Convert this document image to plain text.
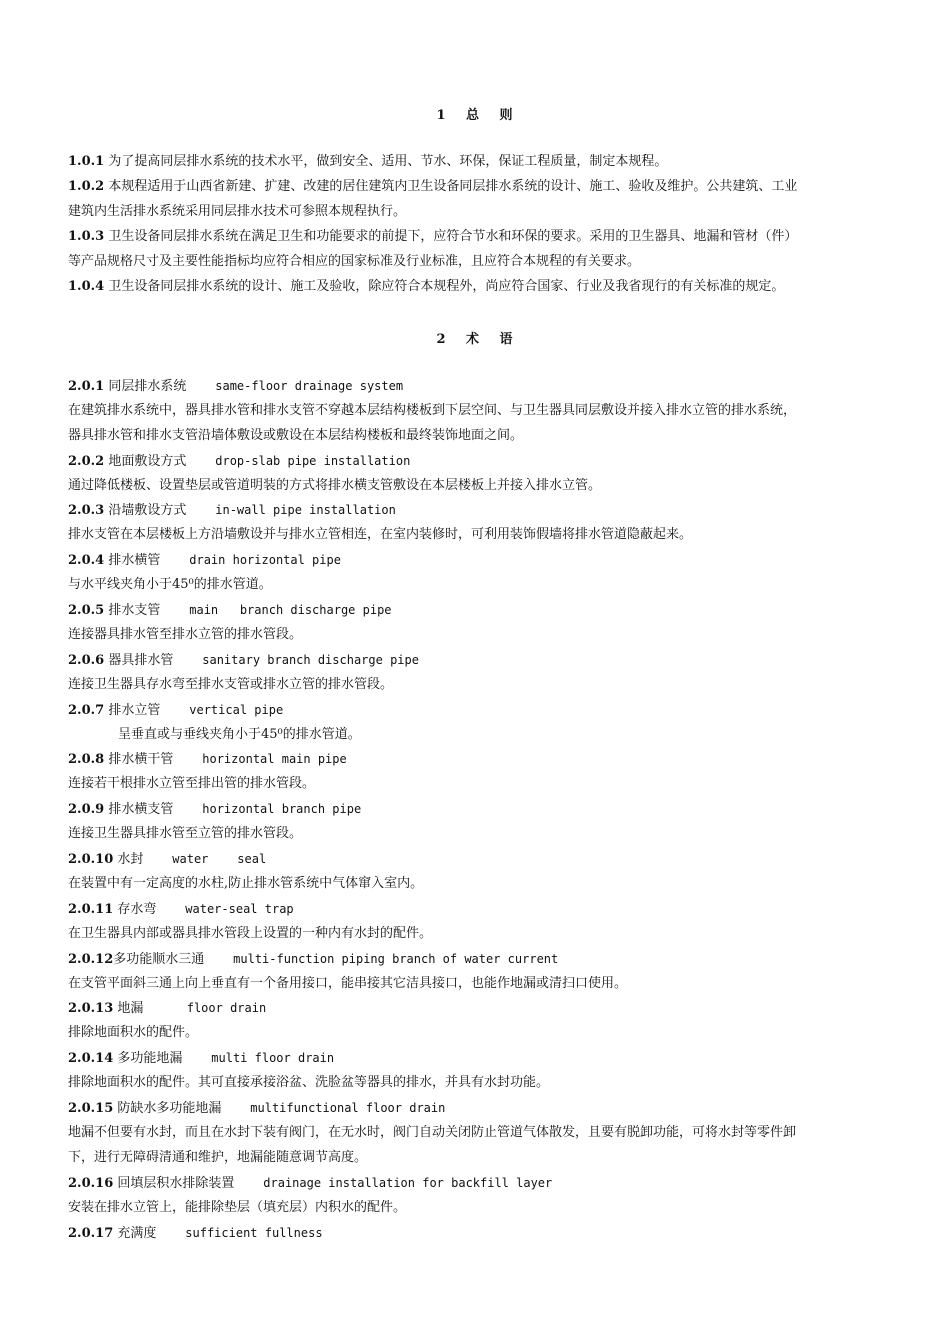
1　 总　 则
1.0.1 为了提高同层排水系统的技术水平，做到安全、适用、节水、环保，保证工程质量，制定本规程。
1.0.2 本规程适用于山西省新建、扩建、改建的居住建筑内卫生设备同层排水系统的设计、施工、验收及维护。公共建筑、工业
建筑内生活排水系统采用同层排水技术可参照本规程执行。
1.0.3 卫生设备同层排水系统在满足卫生和功能要求的前提下，应符合节水和环保的要求。采用的卫生器具、地漏和管材（件）
等产品规格尺寸及主要性能指标均应符合相应的国家标准及行业标准，且应符合本规程的有关要求。
1.0.4 卫生设备同层排水系统的设计、施工及验收，除应符合本规程外，尚应符合国家、行业及我省现行的有关标准的规定。
2　 术　 语
2.0.1 同层排水系统    same-floor drainage system
在建筑排水系统中，器具排水管和排水支管不穿越本层结构楼板到下层空间、与卫生器具同层敷设并接入排水立管的排水系统，
器具排水管和排水支管沿墙体敷设或敷设在本层结构楼板和最终装饰地面之间。
2.0.2 地面敷设方式    drop-slab pipe installation
通过降低楼板、设置垫层或管道明装的方式将排水横支管敷设在本层楼板上并接入排水立管。
2.0.3 沿墙敷设方式    in-wall pipe installation
排水支管在本层楼板上方沿墙敷设并与排水立管相连，在室内装修时，可利用装饰假墙将排水管道隐蔽起来。
2.0.4 排水横管    drain horizontal pipe
与水平线夹角小于45⁰的排水管道。
2.0.5 排水支管    main   branch discharge pipe
连接器具排水管至排水立管的排水管段。
2.0.6 器具排水管    sanitary branch discharge pipe
连接卫生器具存水弯至排水支管或排水立管的排水管段。
2.0.7 排水立管    vertical pipe
呈垂直或与垂线夹角小于45⁰的排水管道。
2.0.8 排水横干管    horizontal main pipe
连接若干根排水立管至排出管的排水管段。
2.0.9 排水横支管    horizontal branch pipe
连接卫生器具排水管至立管的排水管段。
2.0.10 水封    water    seal
在装置中有一定高度的水柱,防止排水管系统中气体窜入室内。
2.0.11 存水弯    water-seal trap
在卫生器具内部或器具排水管段上设置的一种内有水封的配件。
2.0.12多功能顺水三通    multi-function piping branch of water current
在支管平面斜三通上向上垂直有一个备用接口，能串接其它洁具接口，也能作地漏或清扫口使用。
2.0.13 地漏      floor drain
排除地面积水的配件。
2.0.14 多功能地漏    multi floor drain
排除地面积水的配件。其可直接承接浴盆、洗脸盆等器具的排水，并具有水封功能。
2.0.15 防缺水多功能地漏    multifunctional floor drain
地漏不但要有水封，而且在水封下装有阀门，在无水时，阀门自动关闭防止管道气体散发，且要有脱卸功能，可将水封等零件卸
下，进行无障碍清通和维护，地漏能随意调节高度。
2.0.16 回填层积水排除装置    drainage installation for backfill layer
安装在排水立管上，能排除垫层（填充层）内积水的配件。
2.0.17 充满度    sufficient fullness
